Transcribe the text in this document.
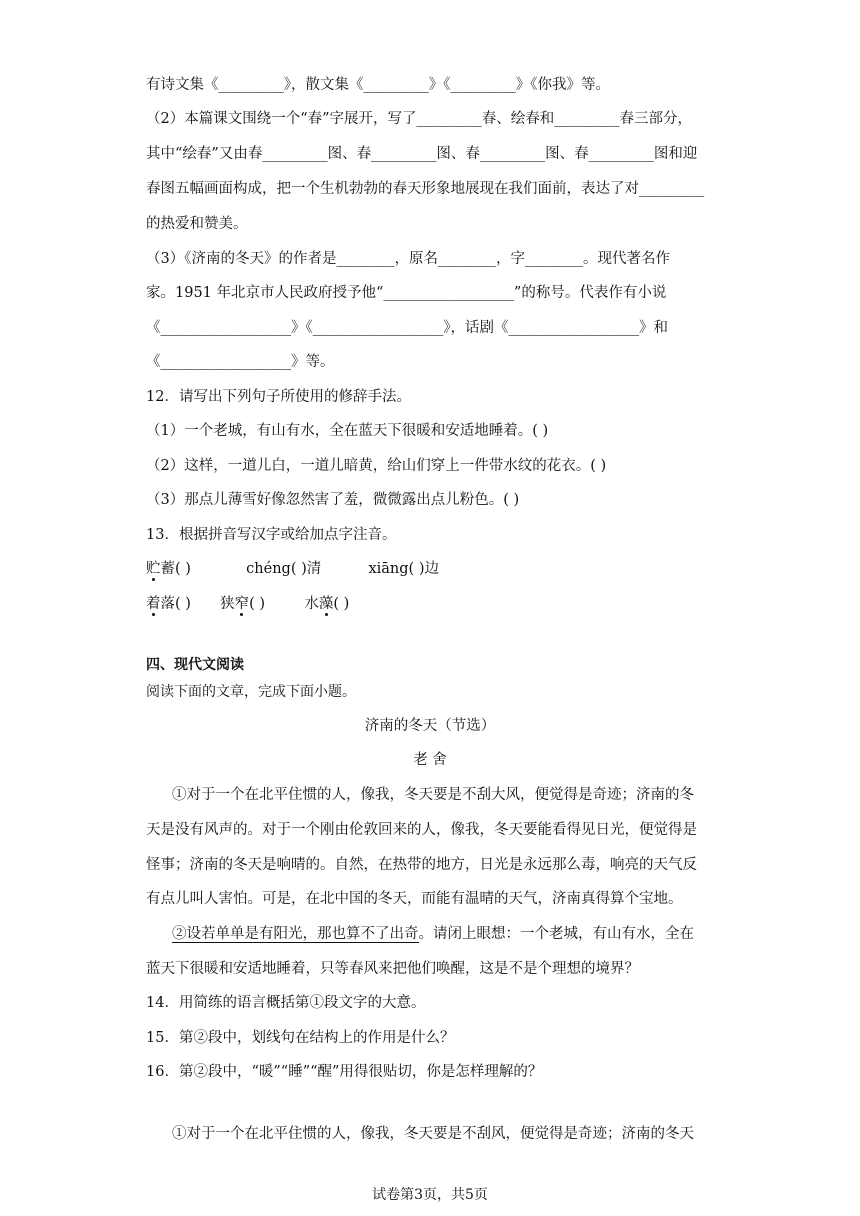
有诗文集《_________》，散文集《_________》《_________》《你我》等。
（2）本篇课文围绕一个“春”字展开，写了_________春、绘春和_________春三部分，
其中“绘春”又由春_________图、春_________图、春_________图、春_________图和迎
春图五幅画面构成，把一个生机勃勃的春天形象地展现在我们面前，表达了对_________
的热爱和赞美。
（3）《济南的冬天》的作者是________，原名________，字________。现代著名作
家。1951 年北京市人民政府授予他“__________________”的称号。代表作有小说
《__________________》《__________________》，话剧《__________________》和
《__________________》等。
12．请写出下列句子所使用的修辞手法。
（1）一个老城，有山有水，全在蓝天下很暖和安适地睡着。( )
（2）这样，一道儿白，一道儿暗黄，给山们穿上一件带水纹的花衣。( )
（3）那点儿薄雪好像忽然害了羞，微微露出点儿粉色。( )
13．根据拼音写汉字或给加点字注音。
贮蓄( )	chéng( )清	xiāng( )边
着落( ) 狭窄( )	水藻( )
四、现代文阅读
阅读下面的文章，完成下面小题。
济南的冬天（节选）
老 舍
①对于一个在北平住惯的人，像我，冬天要是不刮大风，便觉得是奇迹；济南的冬
天是没有风声的。对于一个刚由伦敦回来的人，像我，冬天要能看得见日光，便觉得是
怪事；济南的冬天是响晴的。自然，在热带的地方，日光是永远那么毒，响亮的天气反
有点儿叫人害怕。可是，在北中国的冬天，而能有温晴的天气，济南真得算个宝地。
②设若单单是有阳光，那也算不了出奇。请闭上眼想：一个老城，有山有水，全在
蓝天下很暖和安适地睡着，只等春风来把他们唤醒，这是不是个理想的境界？
14．用简练的语言概括第①段文字的大意。
15．第②段中，划线句在结构上的作用是什么？
16．第②段中，“暖”“睡”“醒”用得很贴切，你是怎样理解的？
①对于一个在北平住惯的人，像我，冬天要是不刮风，便觉得是奇迹；济南的冬天
试卷第3页，共5页
